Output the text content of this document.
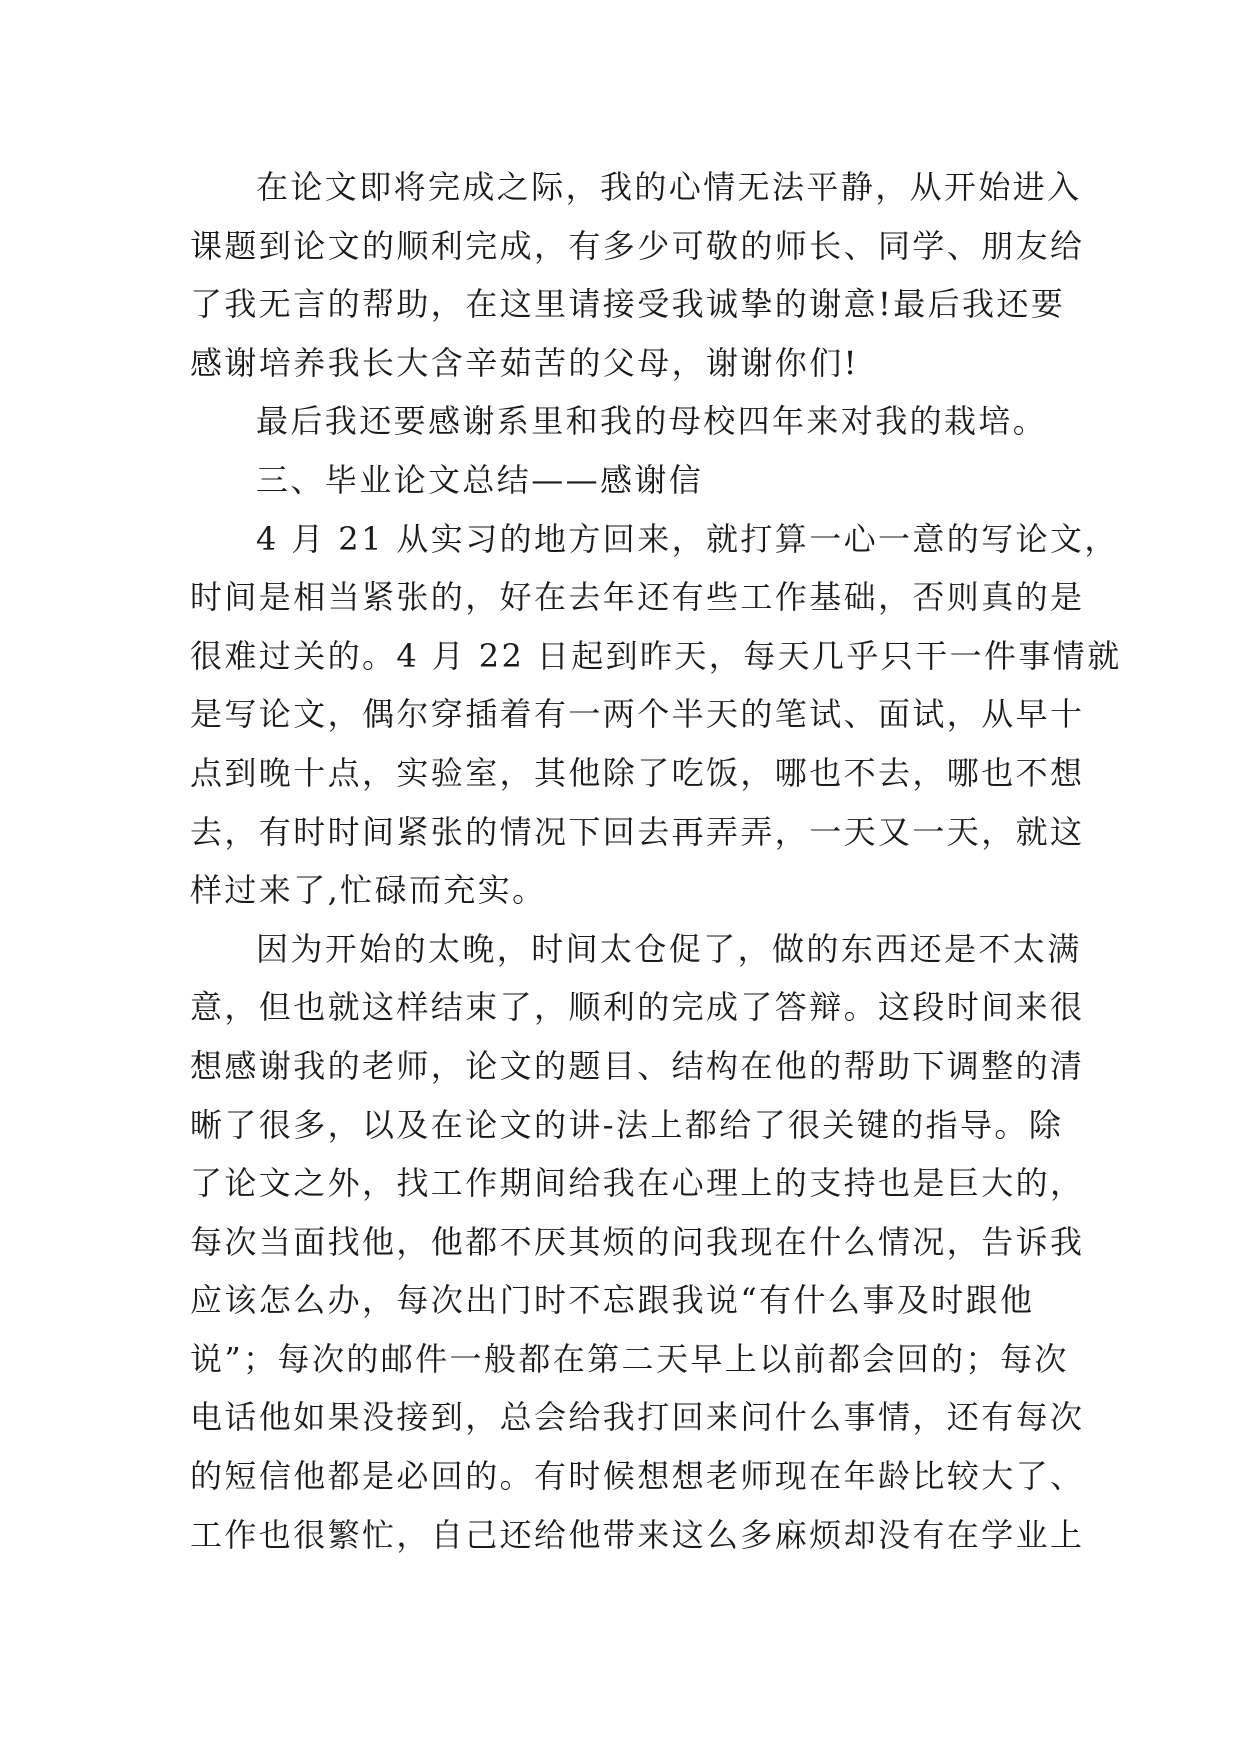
在论文即将完成之际，我的心情无法平静，从开始进入
课题到论文的顺利完成，有多少可敬的师长、同学、朋友给
了我无言的帮助，在这里请接受我诚挚的谢意!最后我还要
感谢培养我长大含辛茹苦的父母，谢谢你们!
最后我还要感谢系里和我的母校四年来对我的栽培。
三、毕业论文总结——感谢信
4 月 21 从实习的地方回来，就打算一心一意的写论文，
时间是相当紧张的，好在去年还有些工作基础，否则真的是
很难过关的。4 月 22 日起到昨天，每天几乎只干一件事情就
是写论文，偶尔穿插着有一两个半天的笔试、面试，从早十
点到晚十点，实验室，其他除了吃饭，哪也不去，哪也不想
去，有时时间紧张的情况下回去再弄弄，一天又一天，就这
样过来了,忙碌而充实。
因为开始的太晚，时间太仓促了，做的东西还是不太满
意，但也就这样结束了，顺利的完成了答辩。这段时间来很
想感谢我的老师，论文的题目、结构在他的帮助下调整的清
晰了很多，以及在论文的讲-法上都给了很关键的指导。除
了论文之外，找工作期间给我在心理上的支持也是巨大的，
每次当面找他，他都不厌其烦的问我现在什么情况，告诉我
应该怎么办，每次出门时不忘跟我说“有什么事及时跟他
说”；每次的邮件一般都在第二天早上以前都会回的；每次
电话他如果没接到，总会给我打回来问什么事情，还有每次
的短信他都是必回的。有时候想想老师现在年龄比较大了、
工作也很繁忙，自己还给他带来这么多麻烦却没有在学业上
